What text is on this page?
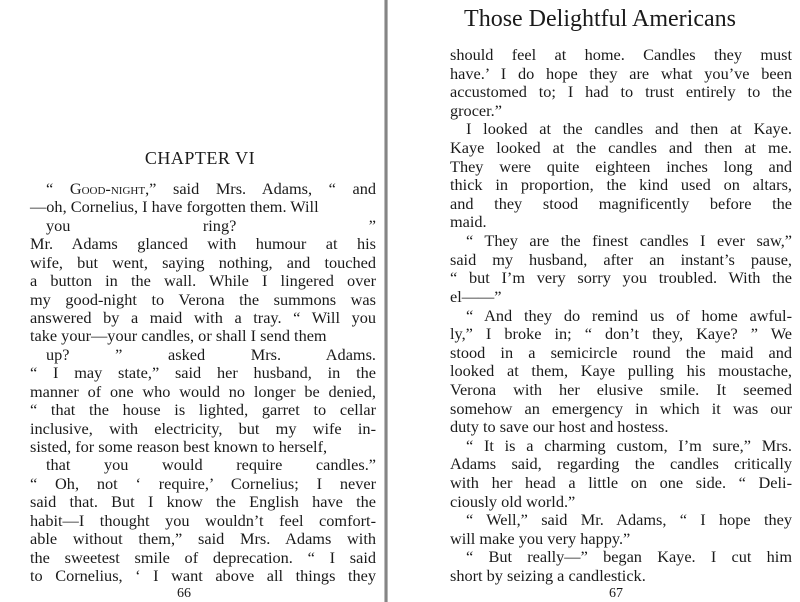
CHAPTER VI
“ Good-night,” said Mrs. Adams, “ and
66
Those Delightful Americans
67
—oh, Cornelius, I have forgotten them. Will
you ring? ”
Mr. Adams glanced with humour at his
wife, but went, saying nothing, and touched
a button in the wall. While I lingered over
my good-night to Verona the summons was
answered by a maid with a tray. “ Will you
take your—your candles, or shall I send them
up? ” asked Mrs. Adams.
“ I may state,” said her husband, in the
manner of one who would no longer be denied,
“ that the house is lighted, garret to cellar
inclusive, with electricity, but my wife in-
sisted, for some reason best known to herself,
that you would require candles.”
“ Oh, not ‘ require,’ Cornelius; I never
said that. But I know the English have the
habit—I thought you wouldn’t feel comfort-
able without them,” said Mrs. Adams with
the sweetest smile of deprecation. “ I said
to Cornelius, ‘ I want above all things they
should feel at home. Candles they must
have.’ I do hope they are what you’ve been
accustomed to; I had to trust entirely to the
grocer.”
I looked at the candles and then at Kaye.
Kaye looked at the candles and then at me.
They were quite eighteen inches long and
thick in proportion, the kind used on altars,
and they stood magnificently before the
maid.
“ They are the finest candles I ever saw,”
said my husband, after an instant’s pause,
“ but I’m very sorry you troubled. With the
el——”
“ And they do remind us of home awful-
ly,” I broke in; “ don’t they, Kaye? ” We
stood in a semicircle round the maid and
looked at them, Kaye pulling his moustache,
Verona with her elusive smile. It seemed
somehow an emergency in which it was our
duty to save our host and hostess.
“ It is a charming custom, I’m sure,” Mrs.
Adams said, regarding the candles critically
with her head a little on one side. “ Deli-
ciously old world.”
“ Well,” said Mr. Adams, “ I hope they
will make you very happy.”
“ But really—” began Kaye. I cut him
short by seizing a candlestick.
